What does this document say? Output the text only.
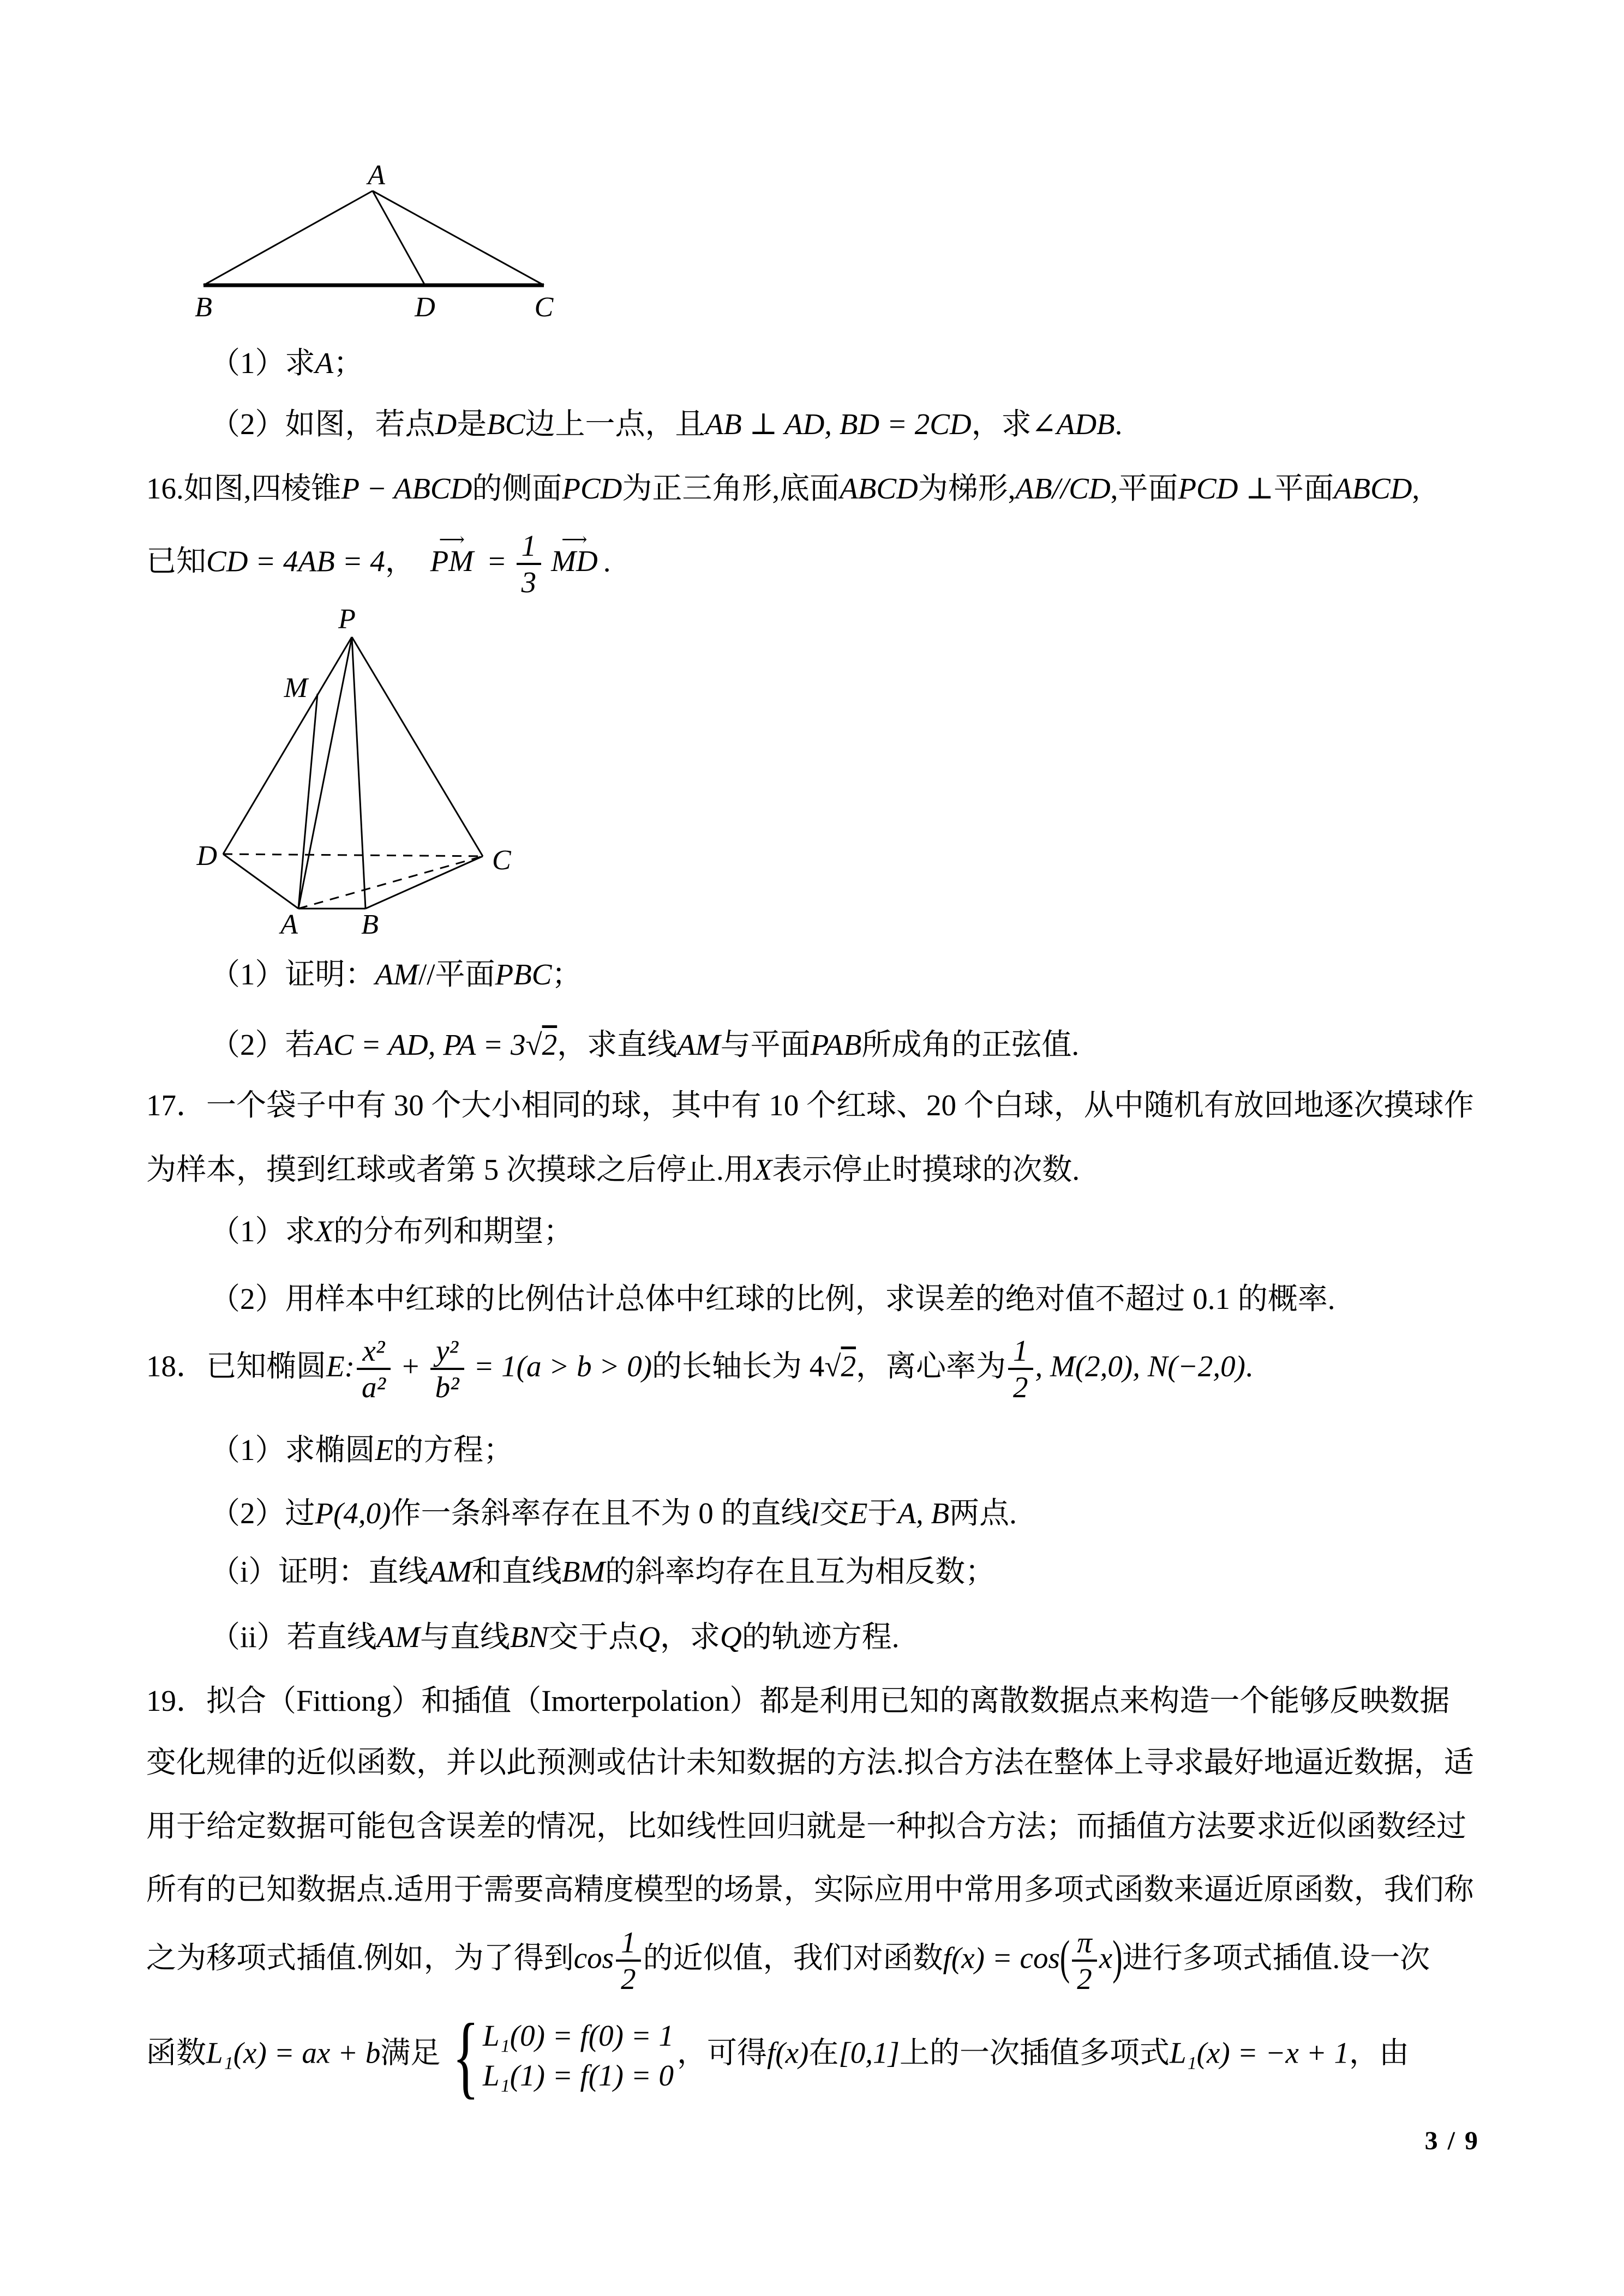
A
B	D	C
（1）求A；
（2）如图，若点D是BC边上一点，且AB ⊥ AD, BD = 2CD，求∠ADB.
16.如图,四棱锥P − ABCD的侧面PCD为正三角形,底面ABCD为梯形,AB//CD,平面PCD ⊥平面ABCD,
已知CD = 4AB = 4， PM ⟶ = $\frac{1}{3}$ MD ⟶ .
P
M
D	C
A B
（1）证明：AM//平面PBC；
（2）若AC = AD, PA = 3√2，求直线AM与平面PAB所成角的正弦值.
17．一个袋子中有 30 个大小相同的球，其中有 10 个红球、20 个白球，从中随机有放回地逐次摸球作
为样本，摸到红球或者第 5 次摸球之后停止.用X表示停止时摸球的次数.
（1）求X的分布列和期望；
（2）用样本中红球的比例估计总体中红球的比例，求误差的绝对值不超过 0.1 的概率.
18．已知椭圆E: $\frac{\text{x²}}{\text{a²}} + \frac{\text{y²}}{\text{b²}} = 1(a > b > 0)$的长轴长为 4√2，离心率为 $\frac{1}{2}$ , M(2,0), N(−2,0).
（1）求椭圆E的方程；
（2）过P(4,0)作一条斜率存在且不为 0 的直线l交E于A, B两点.
（i）证明：直线AM和直线BM的斜率均存在且互为相反数；
（ii）若直线AM与直线BN交于点Q，求Q的轨迹方程.
19．拟合（Fittiong）和插值（Imorterpolation）都是利用已知的离散数据点来构造一个能够反映数据
变化规律的近似函数，并以此预测或估计未知数据的方法.拟合方法在整体上寻求最好地逼近数据，适
用于给定数据可能包含误差的情况，比如线性回归就是一种拟合方法；而插值方法要求近似函数经过
所有的已知数据点.适用于需要高精度模型的场景，实际应用中常用多项式函数来逼近原函数，我们称
之为移项式插值.例如，为了得到$\cos \frac{1}{2}$ 的近似值，我们对函数$f(x) = \cos( \frac{\pi}{2} x)$进行多项式插值.设一次
函数L₁(x) = ax + b满足 { L₁(0) = f(0) = 1
L₁(1) = f(1) = 0
，可得f(x)在[0,1]上的一次插值多项式L₁(x) = −x + 1，由
3 / 9
